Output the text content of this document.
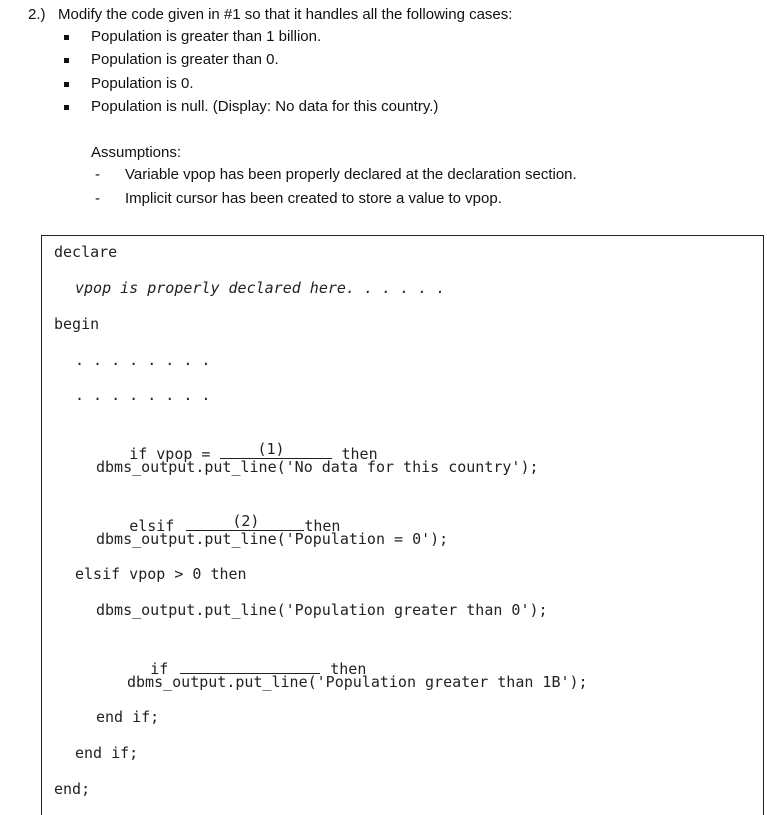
2.) Modify the code given in #1 so that it handles all the following cases:
Population is greater than 1 billion.
Population is greater than 0.
Population is 0.
Population is null. (Display: No data for this country.)
Assumptions:
- Variable vpop has been properly declared at the declaration section.
- Implicit cursor has been created to store a value to vpop.

declare

vpop is properly declared here. . . . . .

begin

. . . . . . . .

. . . . . . . .

if vpop =	(1)	then

dbms_output.put_line('No data for this country');

elsif	(2)	then

dbms_output.put_line('Population = 0');

elsif vpop > 0 then

dbms_output.put_line('Population greater than 0');

if	then

dbms_output.put_line('Population greater than 1B');

end if;

end if;

end;
